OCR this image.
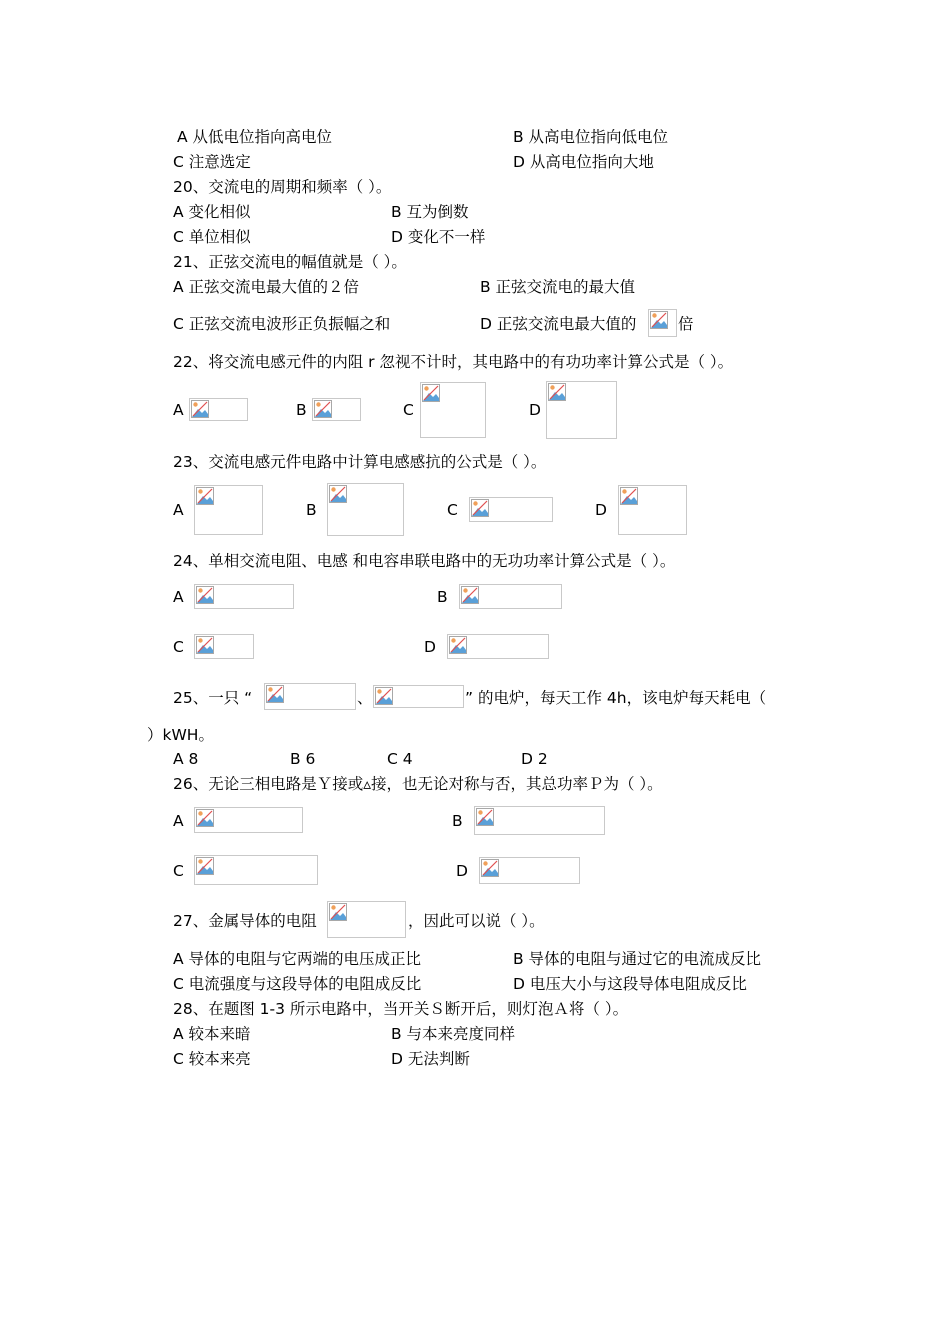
A 从低电位指向高电位	B 从高电位指向低电位
C 注意选定	D 从高电位指向大地
20、交流电的周期和频率（ ）。
A 变化相似	B 互为倒数
C 单位相似	D 变化不一样
21、正弦交流电的幅值就是（ ）。
A 正弦交流电最大值的２倍	B 正弦交流电的最大值
C 正弦交流电波形正负振幅之和	D 正弦交流电最大值的	倍
22、将交流电感元件的内阻 r 忽视不计时，其电路中的有功功率计算公式是（ ）。
A	B	C	D
23、交流电感元件电路中计算电感感抗的公式是（ ）。
A	B	C	D
24、单相交流电阻、电感 和电容串联电路中的无功功率计算公式是（ ）。
A	B
C	D
25、一只 “	、	” 的电炉，每天工作 4h，该电炉每天耗电（
）kWH。
A 8	B 6	C 4	D 2
26、无论三相电路是Ｙ接或▵接，也无论对称与否，其总功率Ｐ为（ ）。
A	B
C	D
27、金属导体的电阻	，因此可以说（ ）。
A 导体的电阻与它两端的电压成正比	B 导体的电阻与通过它的电流成反比
C 电流强度与这段导体的电阻成反比	D 电压大小与这段导体电阻成反比
28、在题图 1-3 所示电路中，当开关Ｓ断开后，则灯泡Ａ将（ ）。
A 较本来暗	B 与本来亮度同样
C 较本来亮	D 无法判断
